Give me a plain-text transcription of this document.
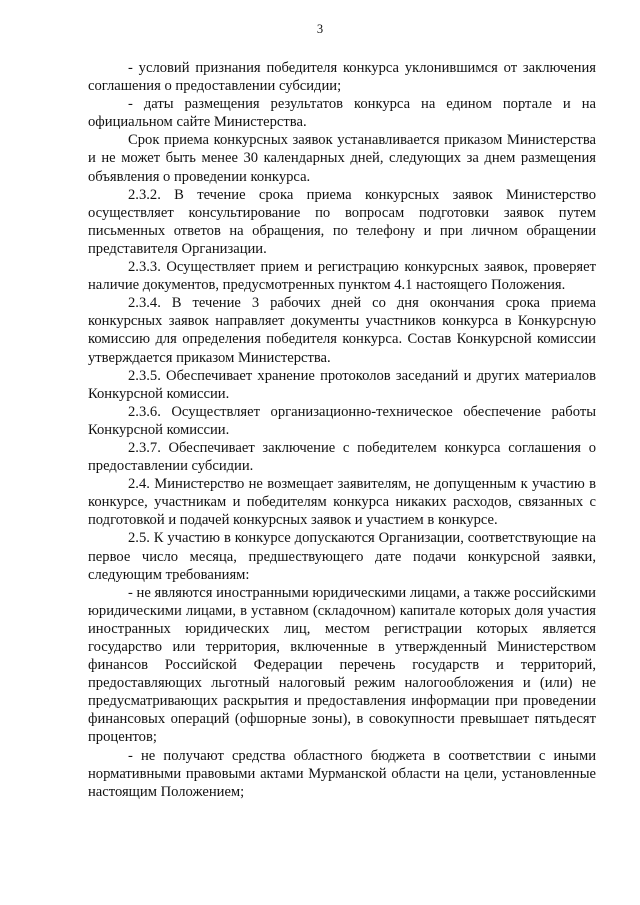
3

- условий признания победителя конкурса уклонившимся от заключения соглашения о предоставлении субсидии;

- даты размещения результатов конкурса на едином портале и на официальном сайте Министерства.

Срок приема конкурсных заявок устанавливается приказом Министерства и не может быть менее 30 календарных дней, следующих за днем размещения объявления о проведении конкурса.

2.3.2. В течение срока приема конкурсных заявок Министерство осуществляет консультирование по вопросам подготовки заявок путем письменных ответов на обращения, по телефону и при личном обращении представителя Организации.

2.3.3. Осуществляет прием и регистрацию конкурсных заявок, проверяет наличие документов, предусмотренных пунктом 4.1 настоящего Положения.

2.3.4. В течение 3 рабочих дней со дня окончания срока приема конкурсных заявок направляет документы участников конкурса в Конкурсную комиссию для определения победителя конкурса. Состав Конкурсной комиссии утверждается приказом Министерства.

2.3.5. Обеспечивает хранение протоколов заседаний и других материалов Конкурсной комиссии.

2.3.6. Осуществляет организационно-техническое обеспечение работы Конкурсной комиссии.

2.3.7. Обеспечивает заключение с победителем конкурса соглашения о предоставлении субсидии.

2.4. Министерство не возмещает заявителям, не допущенным к участию в конкурсе, участникам и победителям конкурса никаких расходов, связанных с подготовкой и подачей конкурсных заявок и участием в конкурсе.

2.5. К участию в конкурсе допускаются Организации, соответствующие на первое число месяца, предшествующего дате подачи конкурсной заявки, следующим требованиям:

- не являются иностранными юридическими лицами, а также российскими юридическими лицами, в уставном (складочном) капитале которых доля участия иностранных юридических лиц, местом регистрации которых является государство или территория, включенные в утвержденный Министерством финансов Российской Федерации перечень государств и территорий, предоставляющих льготный налоговый режим налогообложения и (или) не предусматривающих раскрытия и предоставления информации при проведении финансовых операций (офшорные зоны), в совокупности превышает пятьдесят процентов;

- не получают средства областного бюджета в соответствии с иными нормативными правовыми актами Мурманской области на цели, установленные настоящим Положением;
